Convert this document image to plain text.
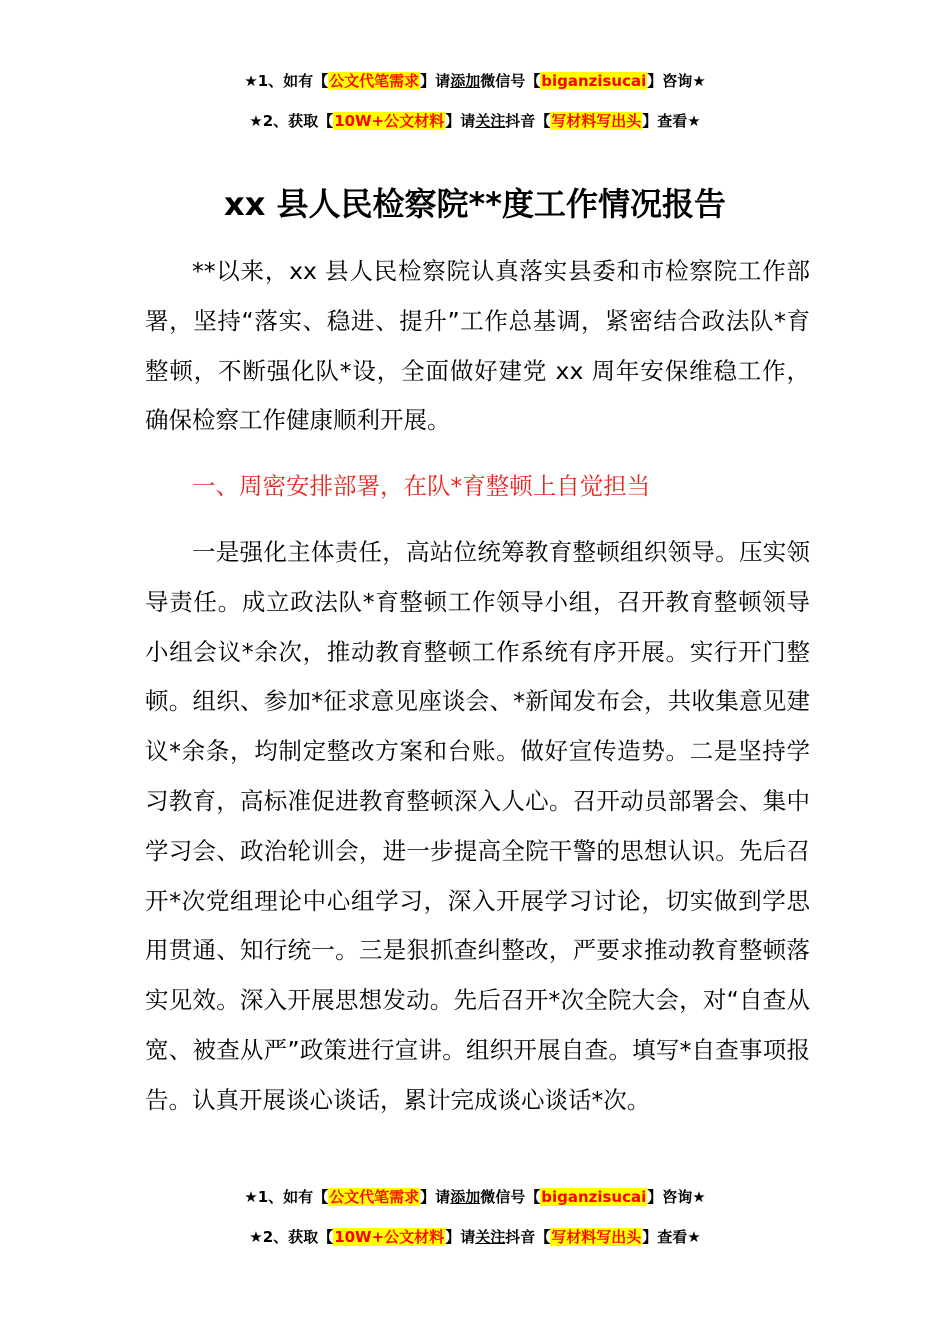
★1、如有【公文代笔需求】请添加微信号【biganzisucai】咨询★
★2、获取【10W+公文材料】请关注抖音【写材料写出头】查看★
xx 县人民检察院**度工作情况报告

**以来，xx 县人民检察院认真落实县委和市检察院工作部署，坚持“落实、稳进、提升”工作总基调，紧密结合政法队*育整顿，不断强化队*设，全面做好建党 xx 周年安保维稳工作，确保检察工作健康顺利开展。

一、周密安排部署，在队*育整顿上自觉担当

一是强化主体责任，高站位统筹教育整顿组织领导。压实领导责任。成立政法队*育整顿工作领导小组，召开教育整顿领导小组会议*余次，推动教育整顿工作系统有序开展。实行开门整顿。组织、参加*征求意见座谈会、*新闻发布会，共收集意见建议*余条，均制定整改方案和台账。做好宣传造势。二是坚持学习教育，高标准促进教育整顿深入人心。召开动员部署会、集中学习会、政治轮训会，进一步提高全院干警的思想认识。先后召开*次党组理论中心组学习，深入开展学习讨论，切实做到学思用贯通、知行统一。三是狠抓查纠整改，严要求推动教育整顿落实见效。深入开展思想发动。先后召开*次全院大会，对“自查从宽、被查从严”政策进行宣讲。组织开展自查。填写*自查事项报告。认真开展谈心谈话，累计完成谈心谈话*次。

★1、如有【公文代笔需求】请添加微信号【biganzisucai】咨询★
★2、获取【10W+公文材料】请关注抖音【写材料写出头】查看★
